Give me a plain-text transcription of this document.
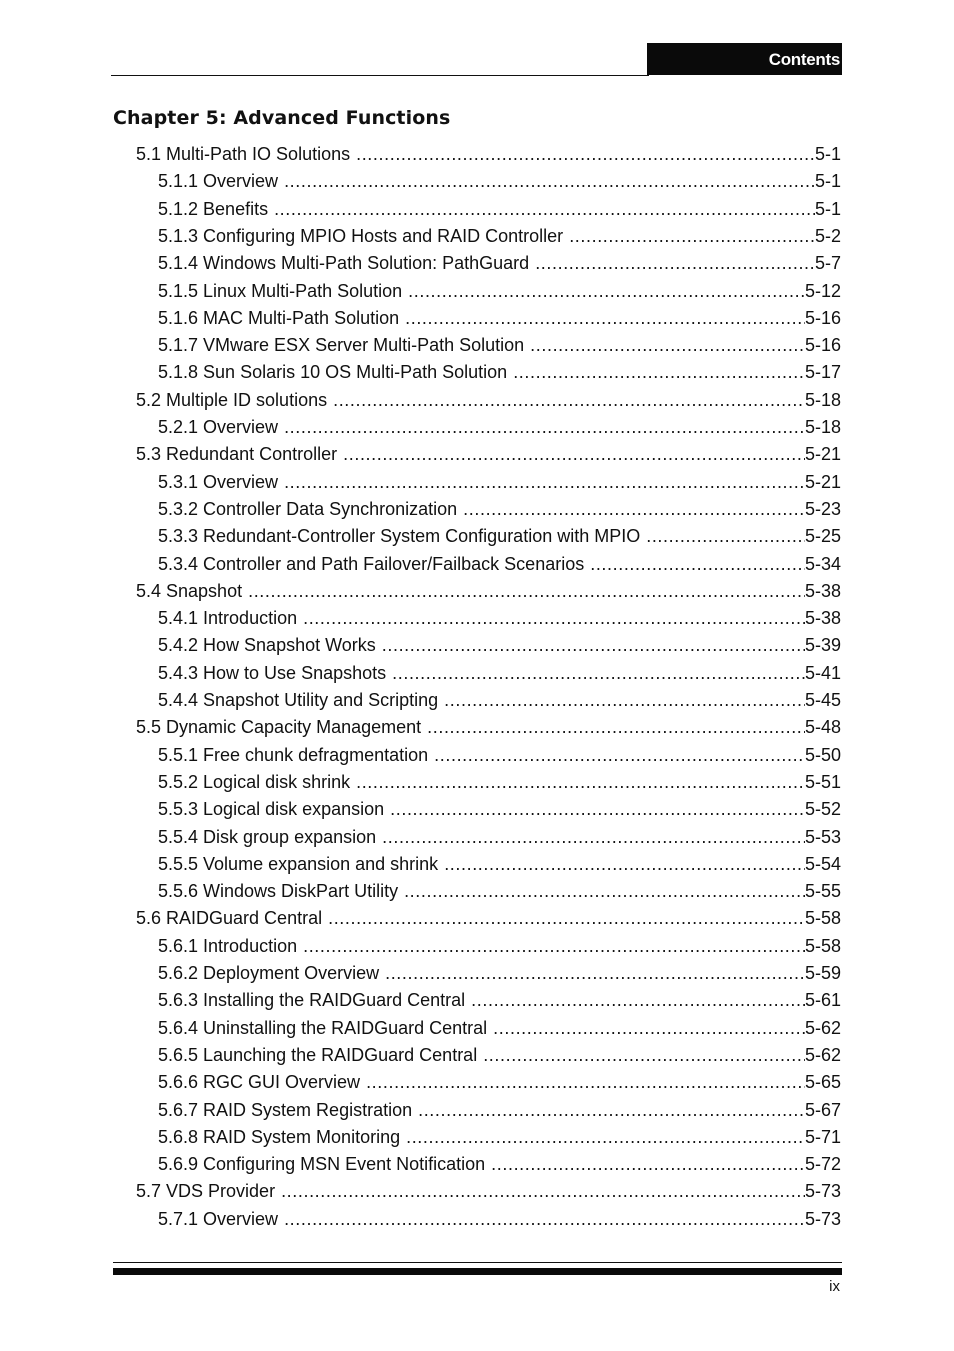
Contents
Chapter 5: Advanced Functions
5.1 Multi-Path IO Solutions .....	5-1
5.1.1 Overview .....	5-1
5.1.2 Benefits .....	5-1
5.1.3 Configuring MPIO Hosts and RAID Controller .....	5-2
5.1.4 Windows Multi-Path Solution: PathGuard .....	5-7
5.1.5 Linux Multi-Path Solution .....	5-12
5.1.6 MAC Multi-Path Solution .....	5-16
5.1.7 VMware ESX Server Multi-Path Solution .....	5-16
5.1.8 Sun Solaris 10 OS Multi-Path Solution .....	5-17
5.2 Multiple ID solutions .....	5-18
5.2.1 Overview .....	5-18
5.3 Redundant Controller .....	5-21
5.3.1 Overview .....	5-21
5.3.2 Controller Data Synchronization .....	5-23
5.3.3 Redundant-Controller System Configuration with MPIO .....	5-25
5.3.4 Controller and Path Failover/Failback Scenarios .....	5-34
5.4 Snapshot .....	5-38
5.4.1 Introduction .....	5-38
5.4.2 How Snapshot Works .....	5-39
5.4.3 How to Use Snapshots .....	5-41
5.4.4 Snapshot Utility and Scripting .....	5-45
5.5 Dynamic Capacity Management .....	5-48
5.5.1 Free chunk defragmentation .....	5-50
5.5.2 Logical disk shrink .....	5-51
5.5.3 Logical disk expansion .....	5-52
5.5.4 Disk group expansion .....	5-53
5.5.5 Volume expansion and shrink .....	5-54
5.5.6 Windows DiskPart Utility .....	5-55
5.6 RAIDGuard Central .....	5-58
5.6.1 Introduction .....	5-58
5.6.2 Deployment Overview .....	5-59
5.6.3 Installing the RAIDGuard Central .....	5-61
5.6.4 Uninstalling the RAIDGuard Central .....	5-62
5.6.5 Launching the RAIDGuard Central .....	5-62
5.6.6 RGC GUI Overview .....	5-65
5.6.7 RAID System Registration .....	5-67
5.6.8 RAID System Monitoring .....	5-71
5.6.9 Configuring MSN Event Notification .....	5-72
5.7 VDS Provider .....	5-73
5.7.1 Overview .....	5-73
ix
